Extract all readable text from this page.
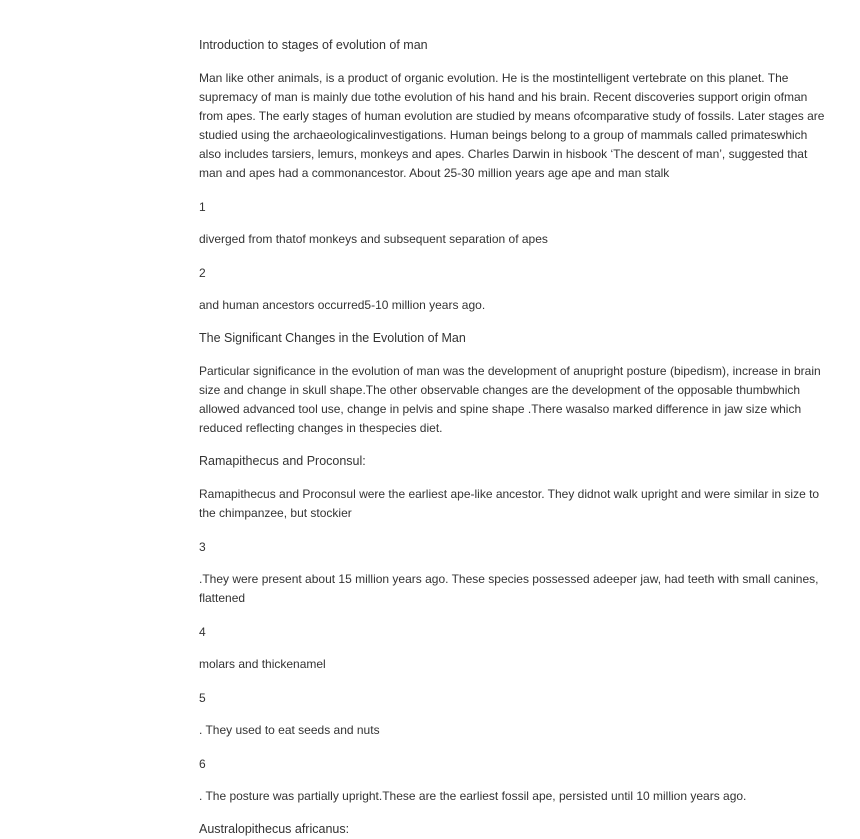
Introduction to stages of evolution of man

Man like other animals, is a product of organic evolution. He is the mostintelligent vertebrate on this planet. The supremacy of man is mainly due tothe evolution of his hand and his brain. Recent discoveries support origin ofman from apes. The early stages of human evolution are studied by means ofcomparative study of fossils. Later stages are studied using the archaeologicalinvestigations. Human beings belong to a group of mammals called primateswhich also includes tarsiers, lemurs, monkeys and apes. Charles Darwin in hisbook ‘The descent of man’, suggested that man and apes had a commonancestor. About 25-30 million years age ape and man stalk

1

diverged from thatof monkeys and subsequent separation of apes

2

and human ancestors occurred5-10 million years ago.

The Significant Changes in the Evolution of Man

Particular significance in the evolution of man was the development of anupright posture (bipedism), increase in brain size and change in skull shape.The other observable changes are the development of the opposable thumbwhich allowed advanced tool use, change in pelvis and spine shape .There wasalso marked difference in jaw size which reduced reflecting changes in thespecies diet.

Ramapithecus and Proconsul:

Ramapithecus and Proconsul were the earliest ape-like ancestor. They didnot walk upright and were similar in size to the chimpanzee, but stockier

3

.They were present about 15 million years ago. These species possessed adeeper jaw, had teeth with small canines, flattened

4

molars and thickenamel

5

. They used to eat seeds and nuts

6

. The posture was partially upright.These are the earliest fossil ape, persisted until 10 million years ago.

Australopithecus africanus:
